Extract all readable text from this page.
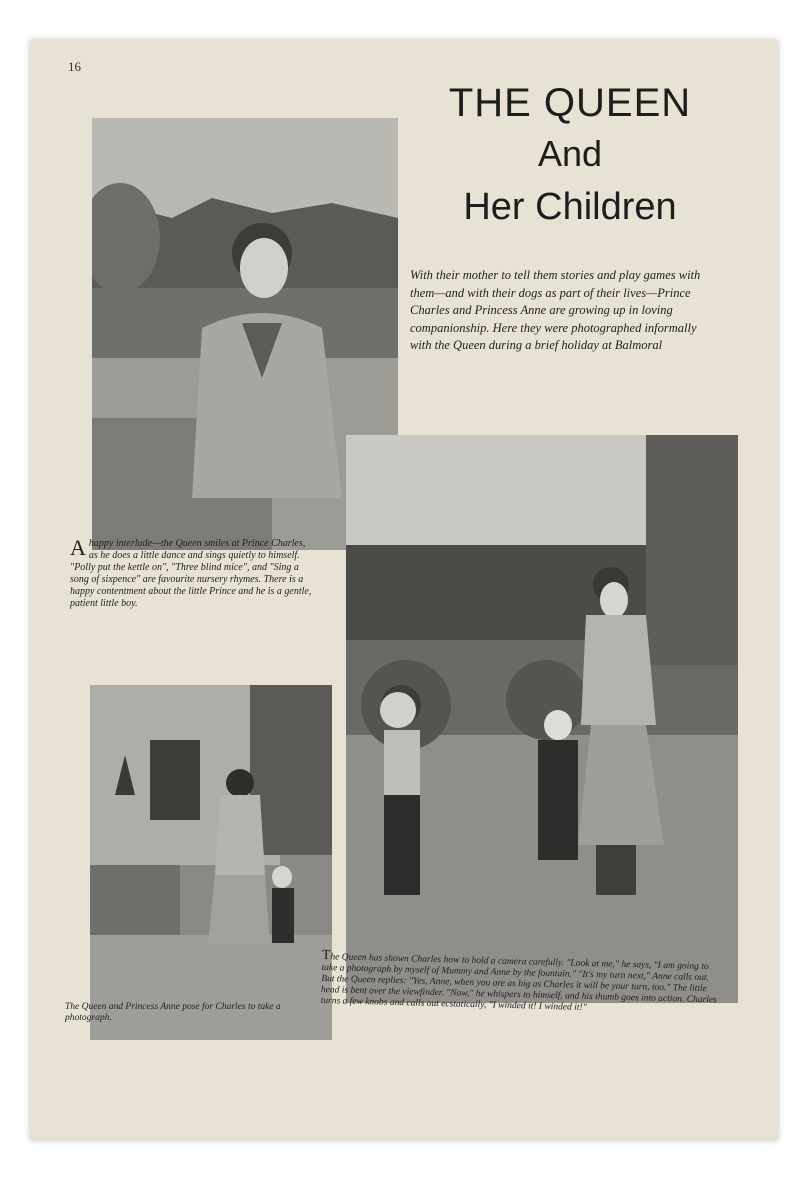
16
THE QUEEN
And
Her Children
With their mother to tell them stories and play games with them—and with their dogs as part of their lives—Prince Charles and Princess Anne are growing up in loving companionship. Here they were photographed informally with the Queen during a brief holiday at Balmoral
Ahappy interlude—the Queen smiles at Prince Charles, as he does a little dance and sings quietly to himself. "Polly put the kettle on", "Three blind mice", and "Sing a song of sixpence" are favourite nursery rhymes. There is a happy contentment about the little Prince and he is a gentle, patient little boy.
The Queen and Princess Anne pose for Charles to take a photograph.
The Queen has shown Charles how to hold a camera carefully. "Look at me," he says, "I am going to take a photograph by myself of Mummy and Anne by the fountain." "It's my turn next," Anne calls out. But the Queen replies: "Yes, Anne, when you are as big as Charles it will be your turn, too." The little head is bent over the viewfinder. "Now," he whispers to himself, and his thumb goes into action. Charles turns a few knobs and calls out ecstatically, "I winded it! I winded it!"
